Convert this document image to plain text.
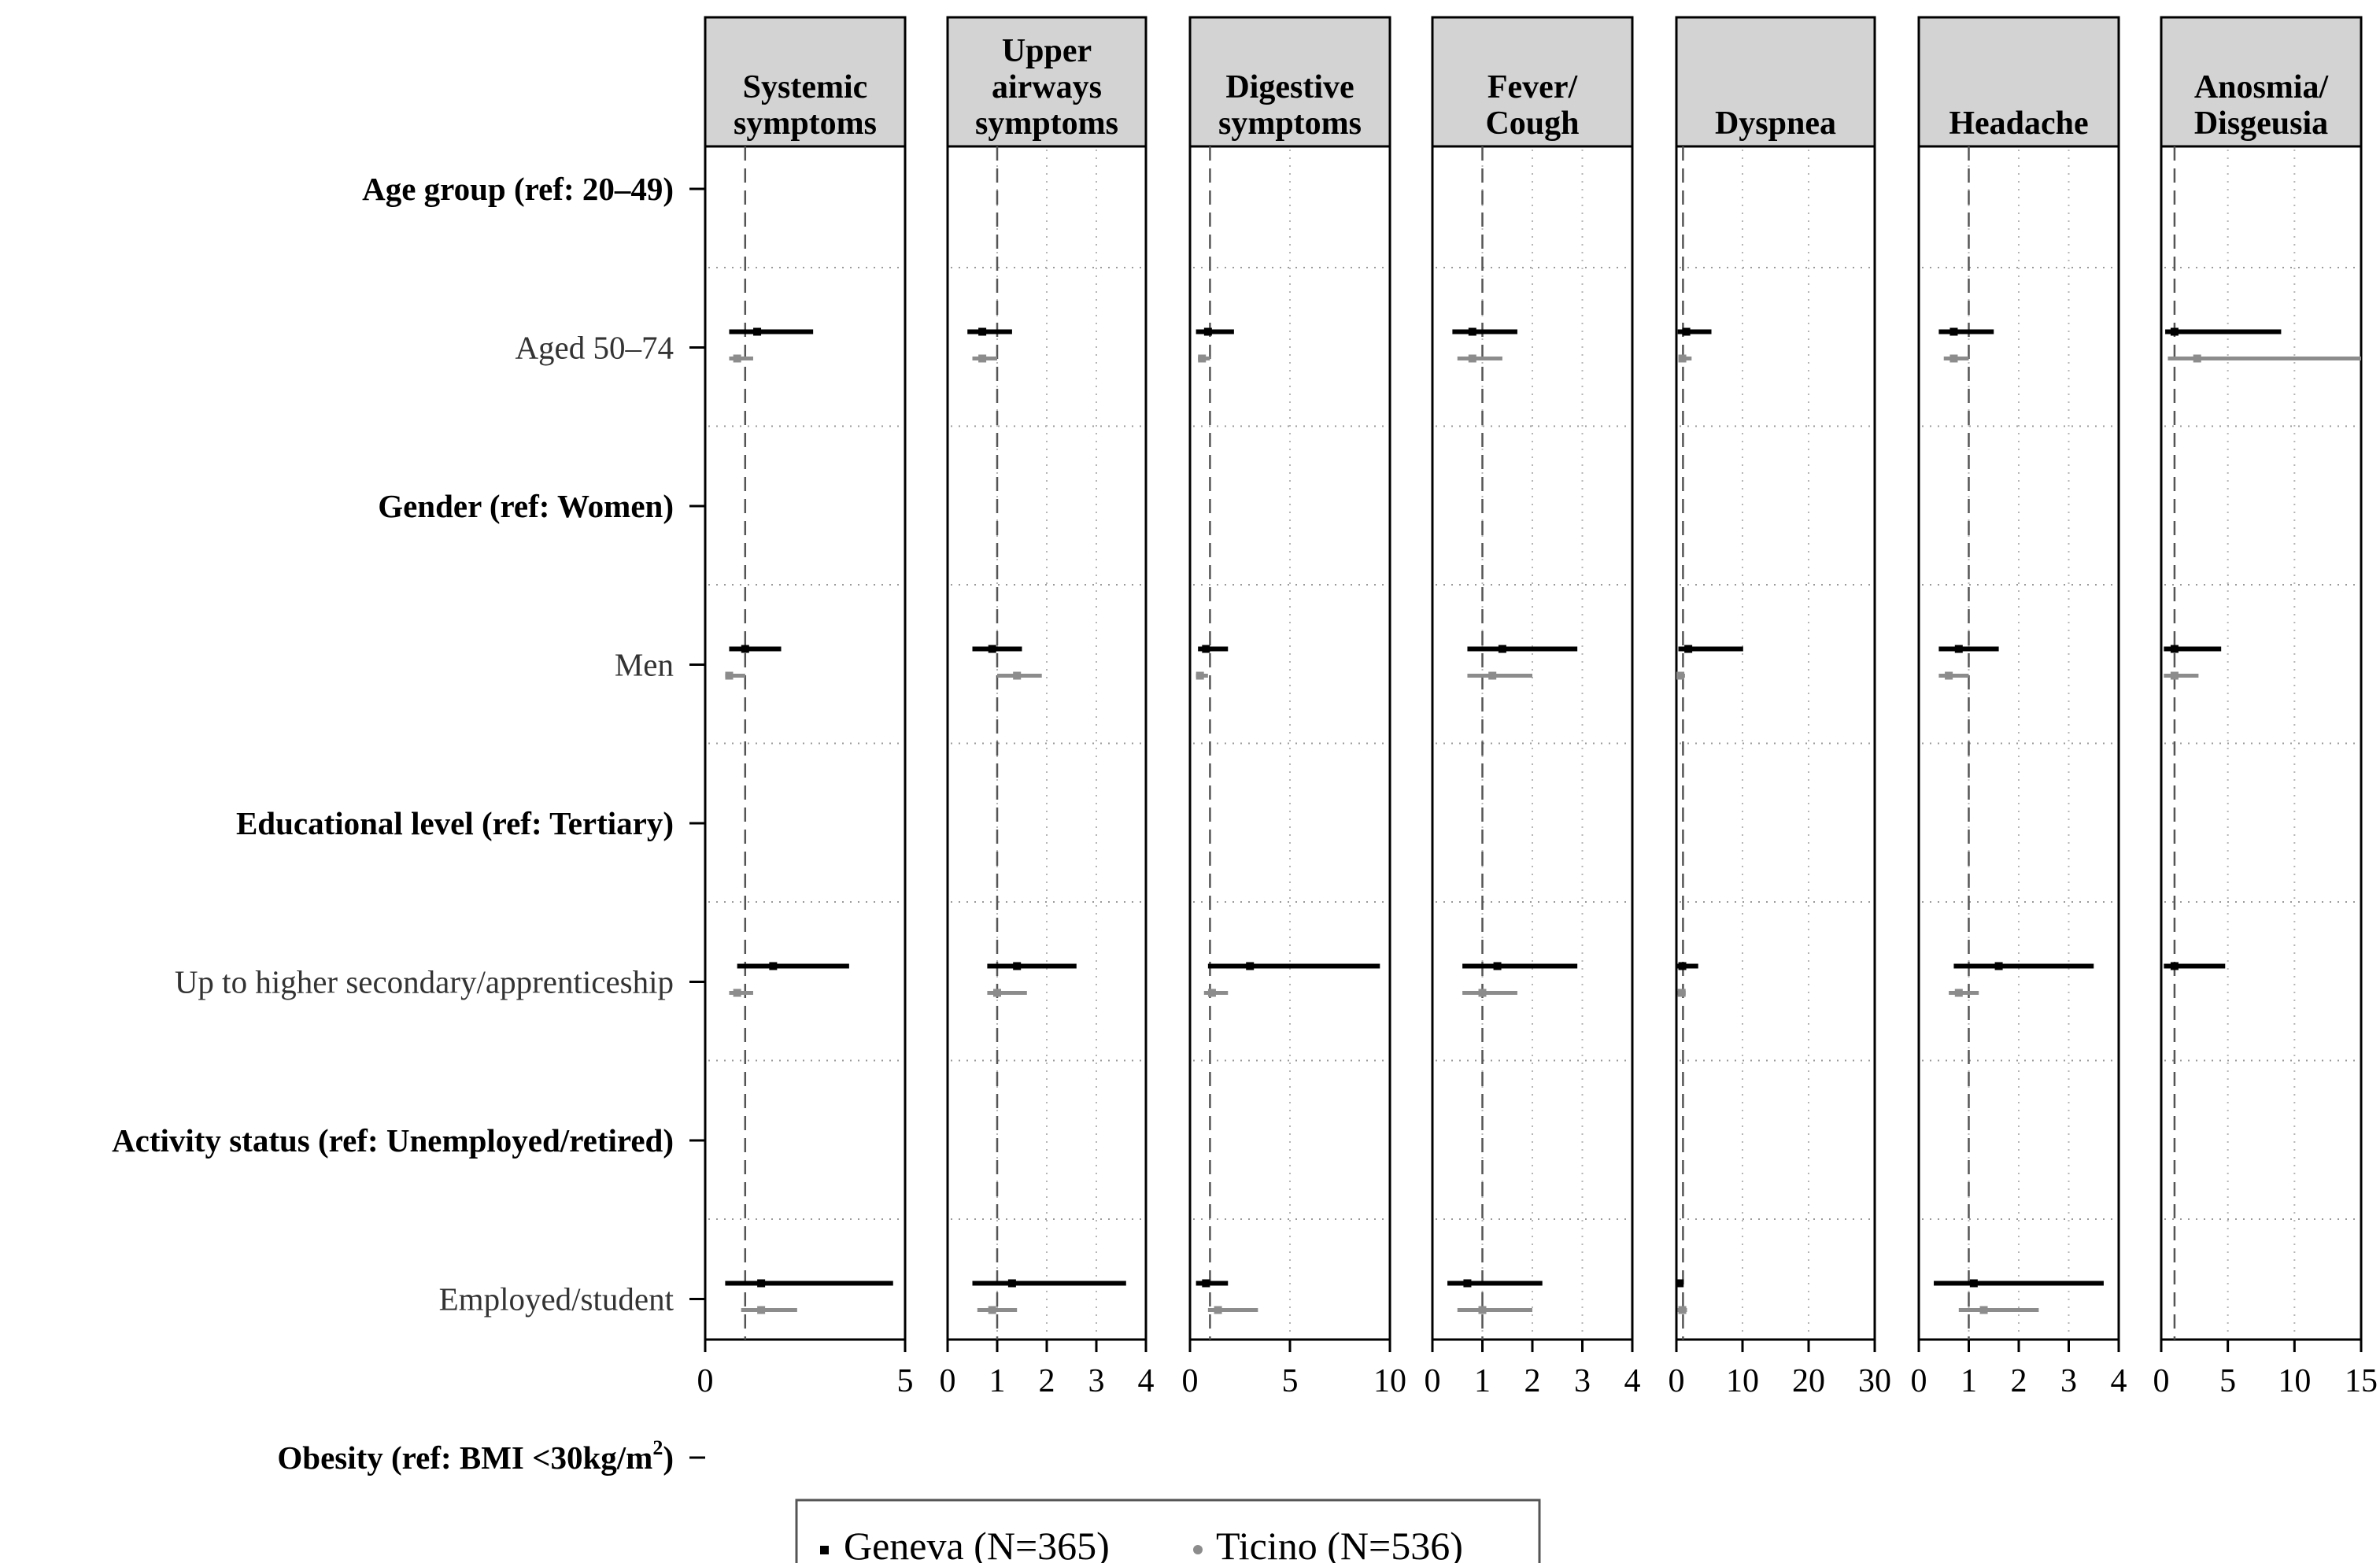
Age group (ref: 20–49)
Aged 50–74
Gender (ref: Women)
Men
Educational level (ref: Tertiary)
Up to higher secondary/apprenticeship
Activity status (ref: Unemployed/retired)
Employed/student
Obesity (ref: BMI $<30kg/m^2$)
Systemic
symptoms
0	5
Upper
airways
symptoms
0 1 2 3 4
Digestive
symptoms
0	5 10
Fever/
Cough
0 1 2 3 4
Dyspnea
0 10 20 30
Headache
0 1 2 3 4
Anosmia/
Disgeusia
0 5 10 15
Geneva (N=365)	Ticino (N=536)
